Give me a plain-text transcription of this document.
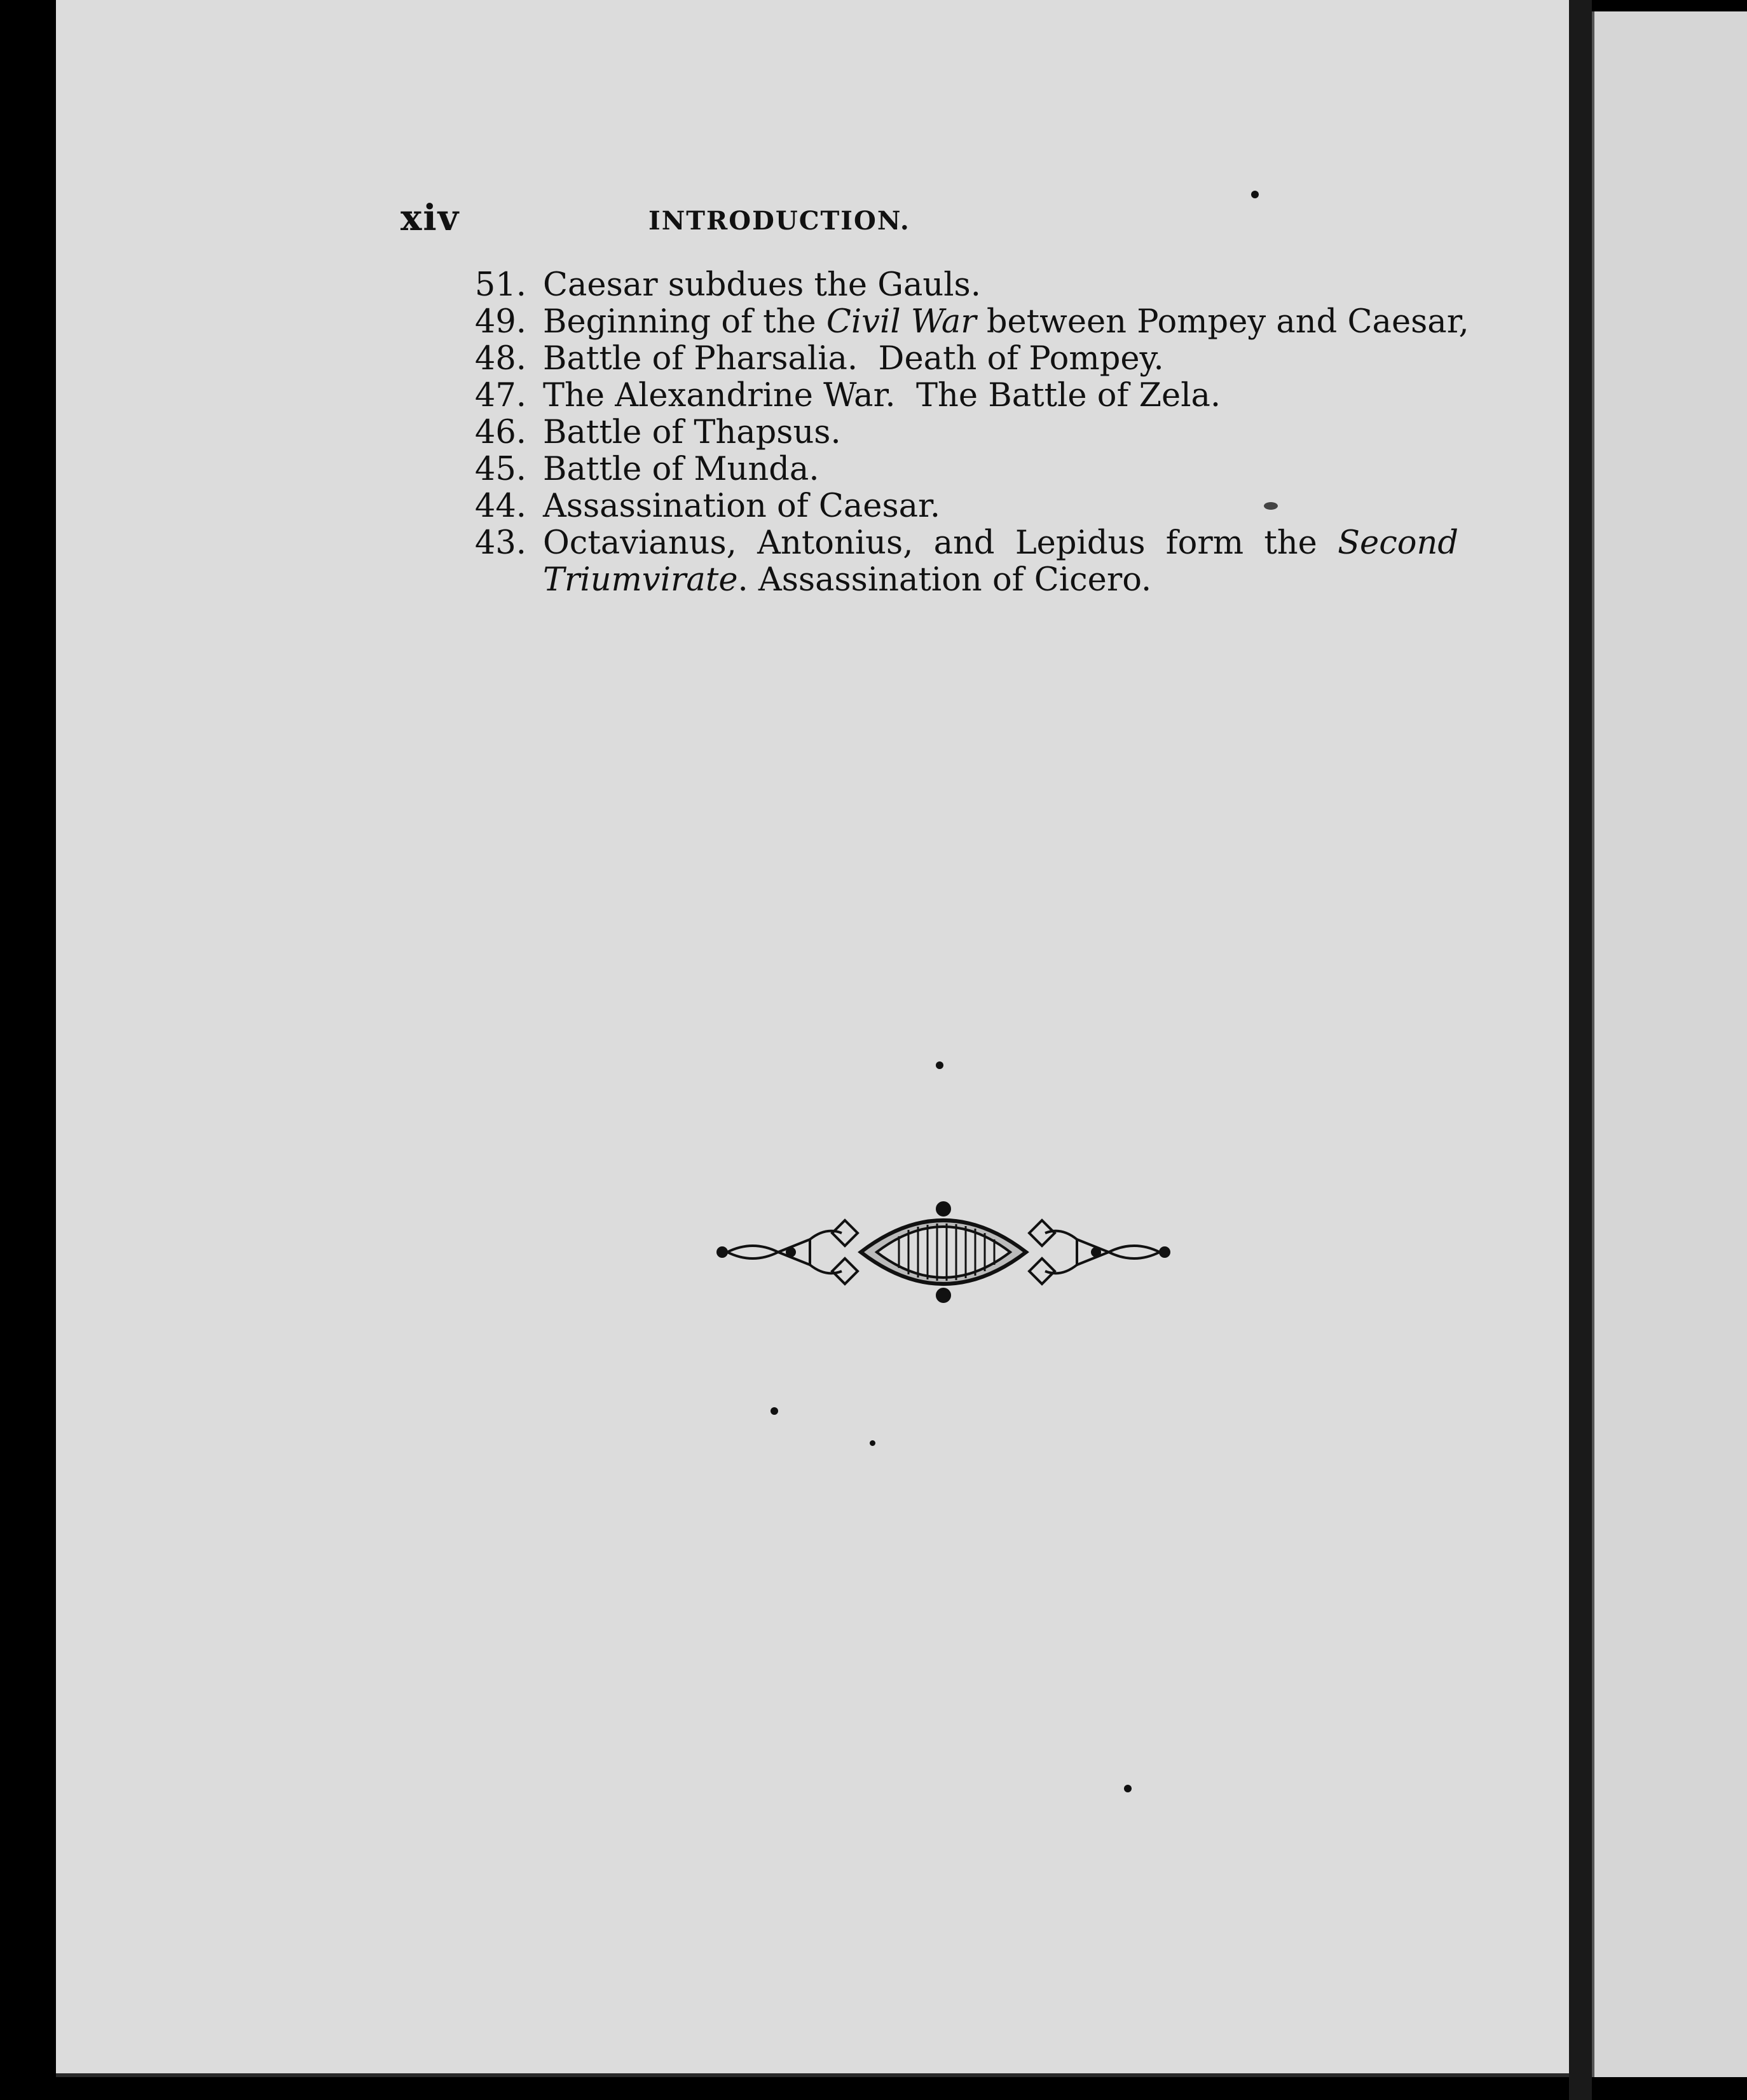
xiv	INTRODUCTION.
51. Caesar subdues the Gauls.
49. Beginning of the Civil War between Pompey and Caesar,
48. Battle of Pharsalia.  Death of Pompey.
47. The Alexandrine War.  The Battle of Zela.
46. Battle of Thapsus.
45. Battle of Munda.
44. Assassination of Caesar.
43. Octavianus, Antonius, and Lepidus form the Second Triumvirate. Assassination of Cicero.
